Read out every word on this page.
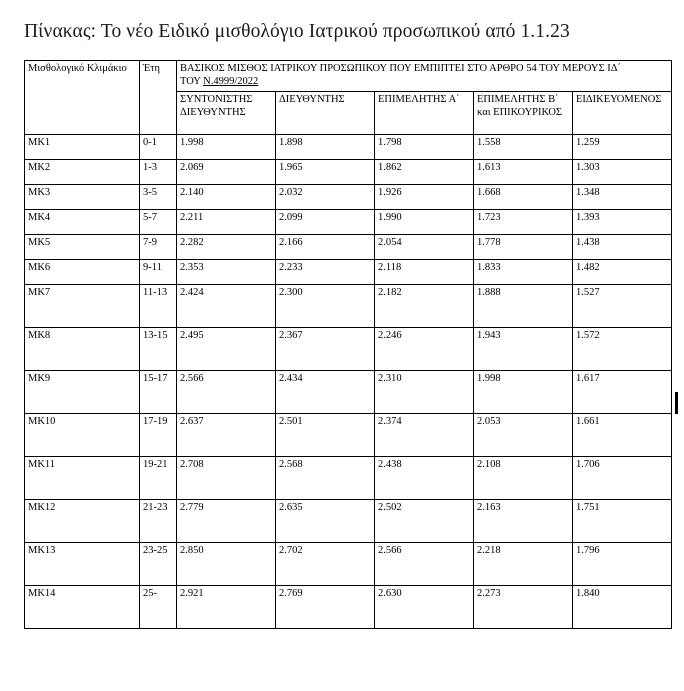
Πίνακας: Το νέο Ειδικό μισθολόγιο Ιατρικού προσωπικού από 1.1.23
Μισθολογικό Κλιμάκιο	Έτη	ΒΑΣΙΚΟΣ ΜΙΣΘΟΣ ΙΑΤΡΙΚΟΥ ΠΡΟΣΩΠΙΚΟΥ ΠΟΥ ΕΜΠΙΠΤΕΙ ΣΤΟ ΑΡΘΡΟ 54 ΤΟΥ ΜΕΡΟΥΣ ΙΔ΄
ΤΟΥ Ν.4999/2022				
		ΣΥΝΤΟΝΙΣΤΗΣ ΔΙΕΥΘΥΝΤΗΣ	ΔΙΕΥΘΥΝΤΗΣ	ΕΠΙΜΕΛΗΤΗΣ Α΄	ΕΠΙΜΕΛΗΤΗΣ Β΄ και ΕΠΙΚΟΥΡΙΚΟΣ	ΕΙΔΙΚΕΥΟΜΕΝΟΣ
ΜΚ1	0-1	1.998	1.898	1.798	1.558	1.259
ΜΚ2	1-3	2.069	1.965	1.862	1.613	1.303
ΜΚ3	3-5	2.140	2.032	1.926	1.668	1.348
ΜΚ4	5-7	2.211	2.099	1.990	1.723	1.393
ΜΚ5	7-9	2.282	2.166	2.054	1.778	1.438
ΜΚ6	9-11	2.353	2.233	2.118	1.833	1.482
ΜΚ7	11-13	2.424	2.300	2.182	1.888	1.527
ΜΚ8	13-15	2.495	2.367	2.246	1.943	1.572
ΜΚ9	15-17	2.566	2.434	2.310	1.998	1.617
ΜΚ10	17-19	2.637	2.501	2.374	2.053	1.661
ΜΚ11	19-21	2.708	2.568	2.438	2.108	1.706
ΜΚ12	21-23	2.779	2.635	2.502	2.163	1.751
ΜΚ13	23-25	2.850	2.702	2.566	2.218	1.796
ΜΚ14	25-	2.921	2.769	2.630	2.273	1.840
